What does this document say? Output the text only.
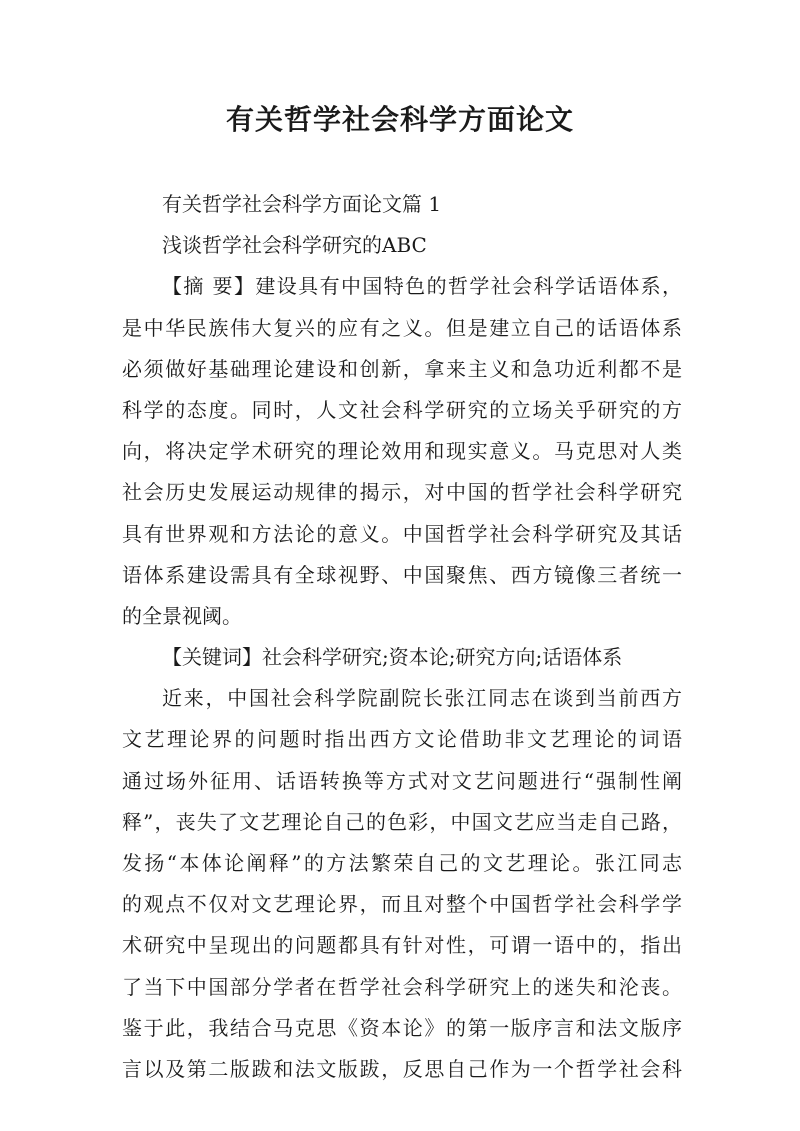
有关哲学社会科学方面论文
有关哲学社会科学方面论文篇 1
浅谈哲学社会科学研究的ABC
【摘 要】建设具有中国特色的哲学社会科学话语体系，
是中华民族伟大复兴的应有之义。但是建立自己的话语体系
必须做好基础理论建设和创新，拿来主义和急功近利都不是
科学的态度。同时，人文社会科学研究的立场关乎研究的方
向，将决定学术研究的理论效用和现实意义。马克思对人类
社会历史发展运动规律的揭示，对中国的哲学社会科学研究
具有世界观和方法论的意义。中国哲学社会科学研究及其话
语体系建设需具有全球视野、中国聚焦、西方镜像三者统一
的全景视阈。
【关键词】社会科学研究;资本论;研究方向;话语体系
近来，中国社会科学院副院长张江同志在谈到当前西方
文艺理论界的问题时指出西方文论借助非文艺理论的词语
通过场外征用、话语转换等方式对文艺问题进行“强制性阐
释”，丧失了文艺理论自己的色彩，中国文艺应当走自己路，
发扬“本体论阐释”的方法繁荣自己的文艺理论。张江同志
的观点不仅对文艺理论界，而且对整个中国哲学社会科学学
术研究中呈现出的问题都具有针对性，可谓一语中的，指出
了当下中国部分学者在哲学社会科学研究上的迷失和沦丧。
鉴于此，我结合马克思《资本论》的第一版序言和法文版序
言以及第二版跋和法文版跋，反思自己作为一个哲学社会科
